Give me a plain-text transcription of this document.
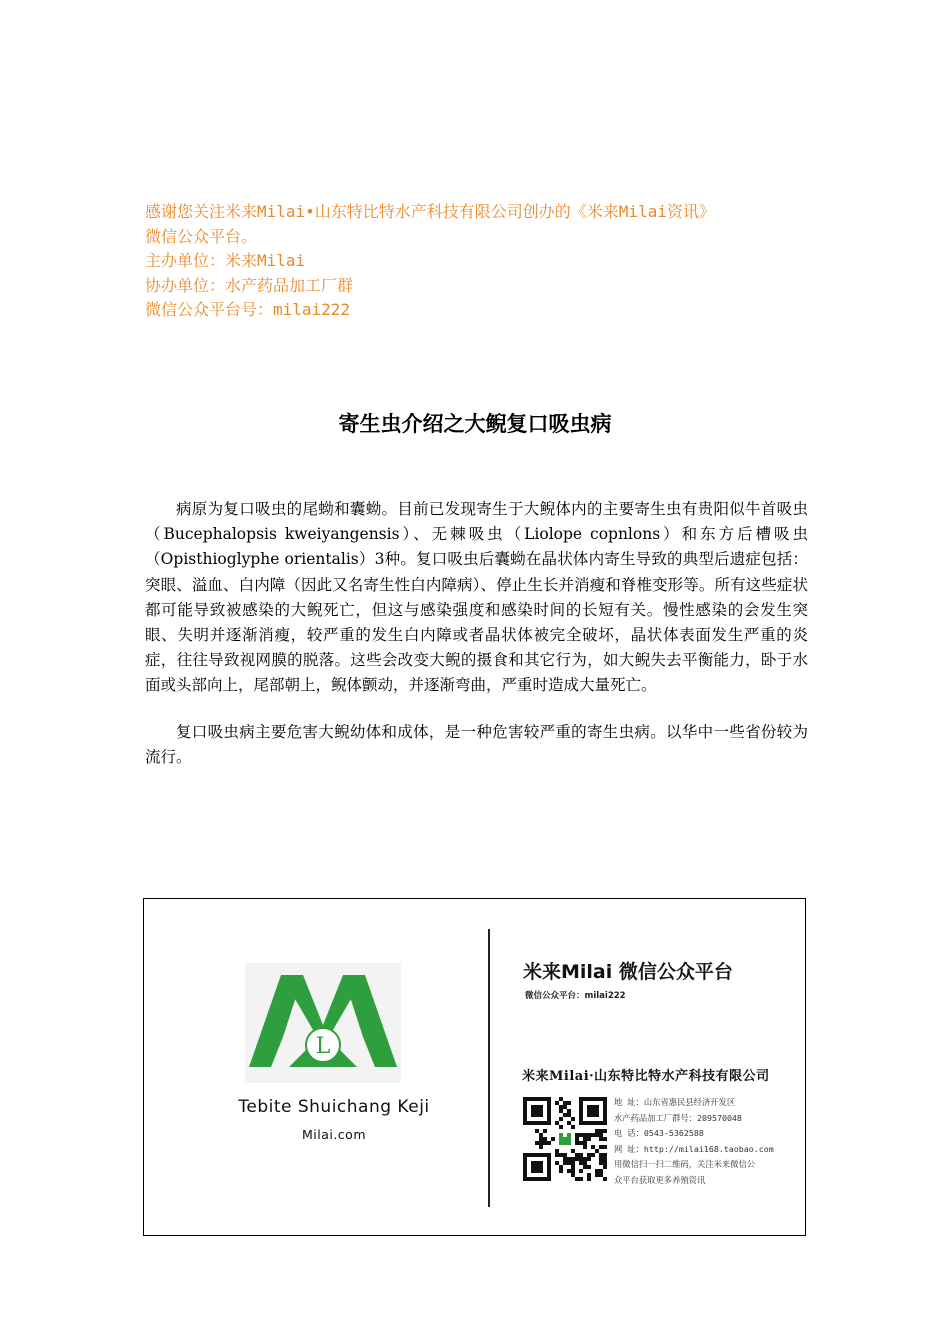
感谢您关注米来Milai•山东特比特水产科技有限公司创办的《米来Milai资讯》
微信公众平台。
主办单位：米来Milai
协办单位：水产药品加工厂群
微信公众平台号：milai222
寄生虫介绍之大鲵复口吸虫病

病原为复口吸虫的尾蚴和囊蚴。目前已发现寄生于大鲵体内的主要寄生虫有贵阳似牛首吸虫（Bucephalopsis kweiyangensis）、无棘吸虫（Liolope copnlons）和东方后槽吸虫（Opisthioglyphe orientalis）3种。复口吸虫后囊蚴在晶状体内寄生导致的典型后遗症包括：突眼、溢血、白内障（因此又名寄生性白内障病）、停止生长并消瘦和脊椎变形等。所有这些症状都可能导致被感染的大鲵死亡，但这与感染强度和感染时间的长短有关。慢性感染的会发生突眼、失明并逐渐消瘦，较严重的发生白内障或者晶状体被完全破坏，晶状体表面发生严重的炎症，往往导致视网膜的脱落。这些会改变大鲵的摄食和其它行为，如大鲵失去平衡能力，卧于水面或头部向上，尾部朝上，鲵体颤动，并逐渐弯曲，严重时造成大量死亡。

复口吸虫病主要危害大鲵幼体和成体，是一种危害较严重的寄生虫病。以华中一些省份较为流行。

L
Tebite Shuichang Keji
Milai.com
米来Milai 微信公众平台
微信公众平台：milai222
米来Milai·山东特比特水产科技有限公司
地 址：山东省惠民县经济开发区
水产药品加工厂群号：209570048
电 话：0543-5362588
网 址：http://milai168.taobao.com
用微信扫一扫二维码，关注米来微信公
众平台获取更多养殖资讯
